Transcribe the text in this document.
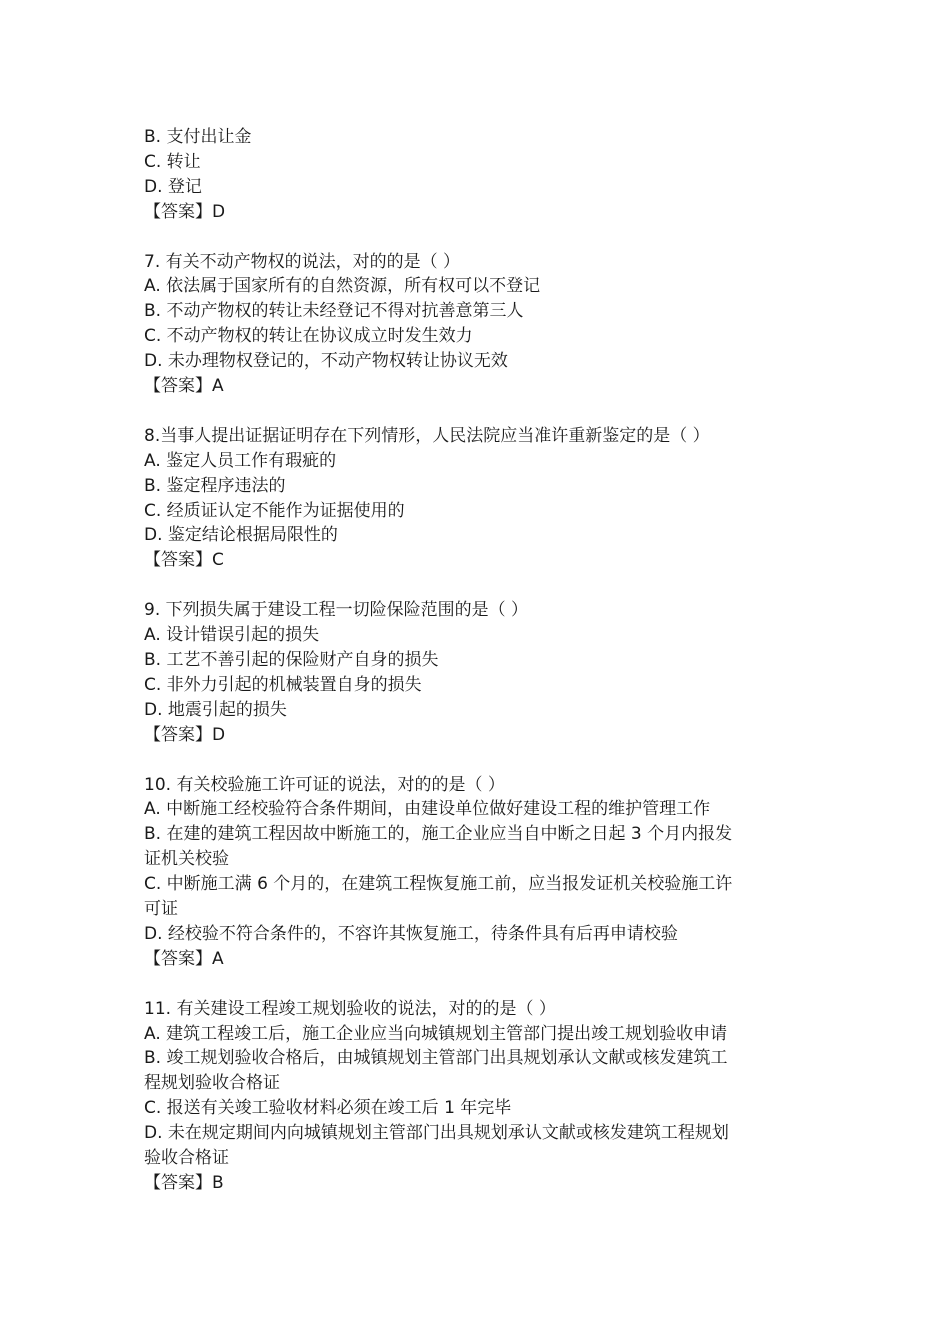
B. 支付出让金
C. 转让
D. 登记
【答案】D
7. 有关不动产物权的说法，对的的是（ ）
A. 依法属于国家所有的自然资源，所有权可以不登记
B. 不动产物权的转让未经登记不得对抗善意第三人
C. 不动产物权的转让在协议成立时发生效力
D. 未办理物权登记的，不动产物权转让协议无效
【答案】A
8.当事人提出证据证明存在下列情形，人民法院应当准许重新鉴定的是（ ）
A. 鉴定人员工作有瑕疵的
B. 鉴定程序违法的
C. 经质证认定不能作为证据使用的
D. 鉴定结论根据局限性的
【答案】C
9. 下列损失属于建设工程一切险保险范围的是（ ）
A. 设计错误引起的损失
B. 工艺不善引起的保险财产自身的损失
C. 非外力引起的机械装置自身的损失
D. 地震引起的损失
【答案】D
10. 有关校验施工许可证的说法，对的的是（ ）
A. 中断施工经校验符合条件期间，由建设单位做好建设工程的维护管理工作
B. 在建的建筑工程因故中断施工的，施工企业应当自中断之日起 3 个月内报发
证机关校验
C. 中断施工满 6 个月的，在建筑工程恢复施工前，应当报发证机关校验施工许
可证
D. 经校验不符合条件的，不容许其恢复施工，待条件具有后再申请校验
【答案】A
11. 有关建设工程竣工规划验收的说法，对的的是（ ）
A. 建筑工程竣工后，施工企业应当向城镇规划主管部门提出竣工规划验收申请
B. 竣工规划验收合格后，由城镇规划主管部门出具规划承认文献或核发建筑工
程规划验收合格证
C. 报送有关竣工验收材料必须在竣工后 1 年完毕
D. 未在规定期间内向城镇规划主管部门出具规划承认文献或核发建筑工程规划
验收合格证
【答案】B
